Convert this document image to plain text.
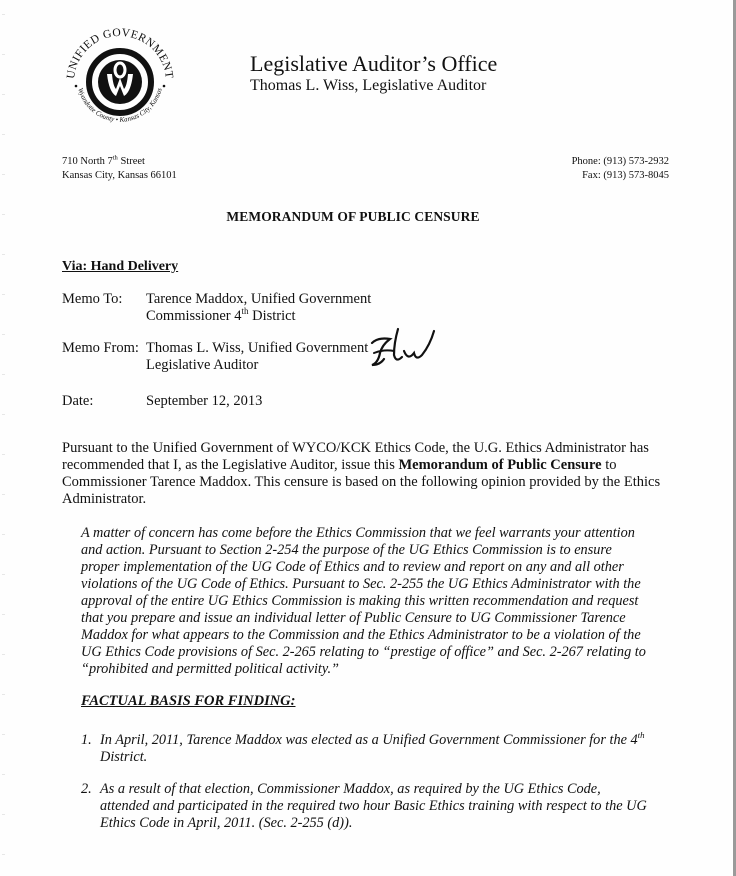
UNIFIED GOVERNMENT
Wyandotte County • Kansas City, Kansas
Legislative Auditor’s Office
Thomas L. Wiss, Legislative Auditor
710 North 7th Street
Kansas City, Kansas 66101
Phone: (913) 573-2932
Fax: (913) 573-8045
MEMORANDUM OF PUBLIC CENSURE
Via: Hand Delivery
Memo To: Tarence Maddox, Unified Government
Commissioner 4th District
Memo From: Thomas L. Wiss, Unified Government
Legislative Auditor
Date:	September 12, 2013
Pursuant to the Unified Government of WYCO/KCK Ethics Code, the U.G. Ethics Administrator has
recommended that I, as the Legislative Auditor, issue this Memorandum of Public Censure to
Commissioner Tarence Maddox. This censure is based on the following opinion provided by the Ethics
Administrator.
A matter of concern has come before the Ethics Commission that we feel warrants your attention
and action. Pursuant to Section 2-254 the purpose of the UG Ethics Commission is to ensure
proper implementation of the UG Code of Ethics and to review and report on any and all other
violations of the UG Code of Ethics. Pursuant to Sec. 2-255 the UG Ethics Administrator with the
approval of the entire UG Ethics Commission is making this written recommendation and request
that you prepare and issue an individual letter of Public Censure to UG Commissioner Tarence
Maddox for what appears to the Commission and the Ethics Administrator to be a violation of the
UG Ethics Code provisions of Sec. 2-265 relating to “prestige of office” and Sec. 2-267 relating to
“prohibited and permitted political activity.”
FACTUAL BASIS FOR FINDING:
1. In April, 2011, Tarence Maddox was elected as a Unified Government Commissioner for the 4th
District.
2. As a result of that election, Commissioner Maddox, as required by the UG Ethics Code,
attended and participated in the required two hour Basic Ethics training with respect to the UG
Ethics Code in April, 2011. (Sec. 2-255 (d)).
